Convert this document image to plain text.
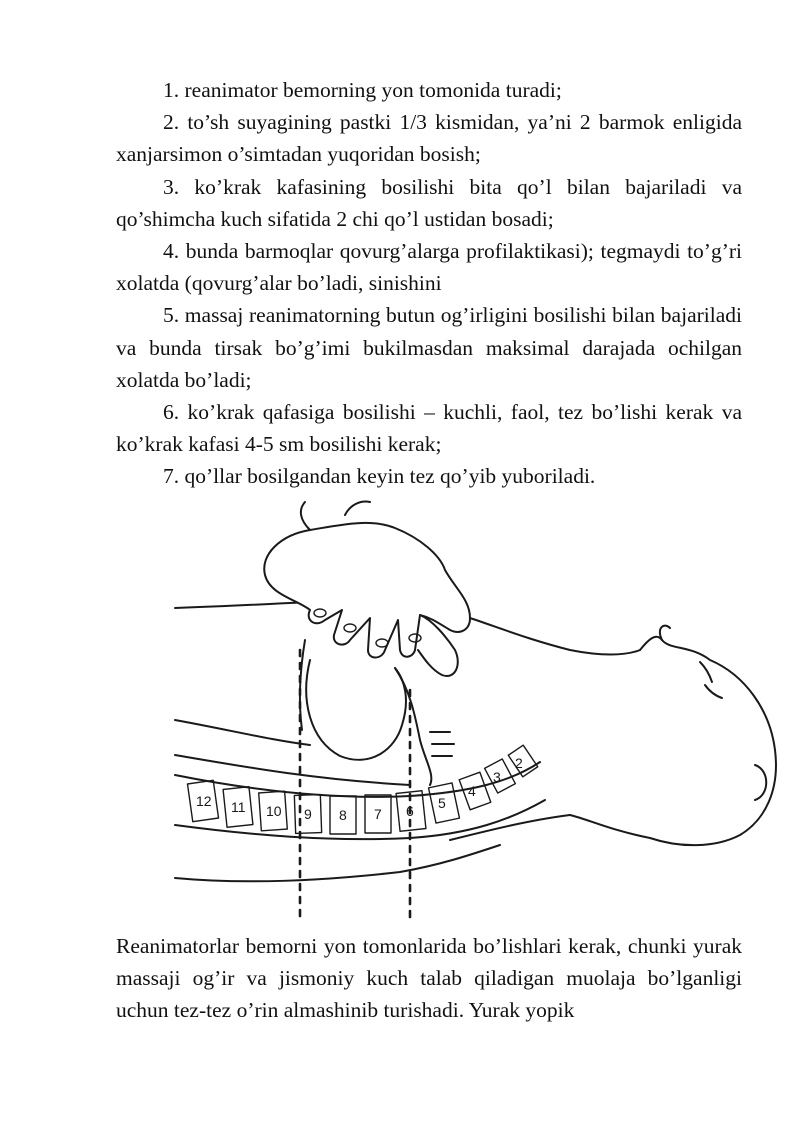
1. reanimator bemorning yon tomonida turadi;

2. to’sh suyagining pastki 1/3 kismidan, ya’ni 2 barmok enligida xanjarsimon o’simtadan yuqoridan bosish;

3. ko’krak kafasining bosilishi bita qo’l bilan bajariladi va qo’shimcha kuch sifatida 2 chi qo’l ustidan bosadi;

4. bunda barmoqlar qovurg’alarga profilaktikasi); tegmaydi to’g’ri xolatda (qovurg’alar bo’ladi, sinishini

5. massaj reanimatorning butun og’irligini bosilishi bilan bajariladi va bunda tirsak bo’g’imi bukilmasdan maksimal darajada ochilgan xolatda bo’ladi;

6. ko’krak qafasiga bosilishi – kuchli, faol, tez bo’lishi kerak va ko’krak kafasi 4-5 sm bosilishi kerak;

7. qo’llar bosilgandan keyin tez qo’yib yuboriladi.

12 11 10 9 8 7 6 5
4
3
2

Reanimatorlar bemorni yon tomonlarida bo’lishlari kerak, chunki yurak massaji og’ir va jismoniy kuch talab qiladigan muolaja bo’lganligi uchun tez-tez o’rin almashinib turishadi. Yurak yopik
